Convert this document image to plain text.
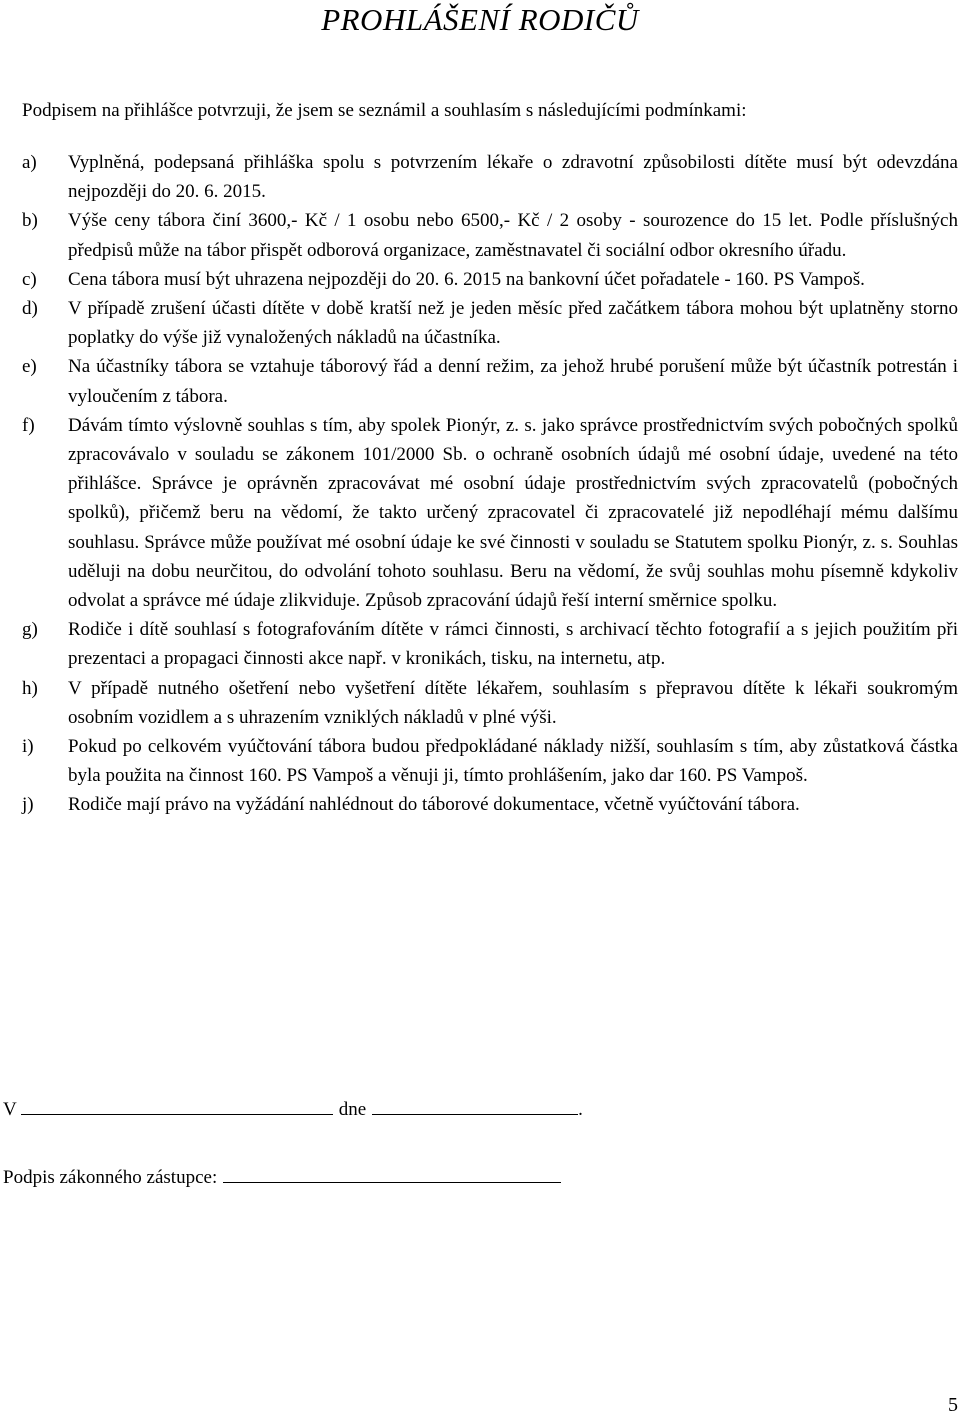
PROHLÁŠENÍ RODIČŮ
Podpisem na přihlášce potvrzuji, že jsem se seznámil a souhlasím s následujícími podmínkami:
a)	Vyplněná, podepsaná přihláška spolu s potvrzením lékaře o zdravotní způsobilosti dítěte musí být odevzdána nejpozději do 20. 6. 2015.
b)	Výše ceny tábora činí 3600,- Kč / 1 osobu nebo 6500,- Kč / 2 osoby - sourozence do 15 let. Podle příslušných předpisů může na tábor přispět odborová organizace, zaměstnavatel či sociální odbor okresního úřadu.
c)	Cena tábora musí být uhrazena nejpozději do 20. 6. 2015 na bankovní účet pořadatele - 160. PS Vampoš.
d)	V případě zrušení účasti dítěte v době kratší než je jeden měsíc před začátkem tábora mohou být uplatněny storno poplatky do výše již vynaložených nákladů na účastníka.
e)	Na účastníky tábora se vztahuje táborový řád a denní režim, za jehož hrubé porušení může být účastník potrestán i vyloučením z tábora.
f)	Dávám tímto výslovně souhlas s tím, aby spolek Pionýr, z. s. jako správce prostřednictvím svých pobočných spolků zpracovávalo v souladu se zákonem 101/2000 Sb. o ochraně osobních údajů mé osobní údaje, uvedené na této přihlášce. Správce je oprávněn zpracovávat mé osobní údaje prostřednictvím svých zpracovatelů (pobočných spolků), přičemž beru na vědomí, že takto určený zpracovatel či zpracovatelé již nepodléhají mému dalšímu souhlasu. Správce může používat mé osobní údaje ke své činnosti v souladu se Statutem spolku Pionýr, z. s. Souhlas uděluji na dobu neurčitou, do odvolání tohoto souhlasu. Beru na vědomí, že svůj souhlas mohu písemně kdykoliv odvolat a správce mé údaje zlikviduje. Způsob zpracování údajů řeší interní směrnice spolku.
g)	Rodiče i dítě souhlasí s fotografováním dítěte v rámci činnosti, s archivací těchto fotografií a s jejich použitím při prezentaci a propagaci činnosti akce např. v kronikách, tisku, na internetu, atp.
h)	V případě nutného ošetření nebo vyšetření dítěte lékařem, souhlasím s přepravou dítěte k lékaři soukromým osobním vozidlem a s uhrazením vzniklých nákladů v plné výši.
i)	Pokud po celkovém vyúčtování tábora budou předpokládané náklady nižší, souhlasím s tím, aby zůstatková částka byla použita na činnost 160. PS Vampoš a věnuji ji, tímto prohlášením, jako dar 160. PS Vampoš.
j)	Rodiče mají právo na vyžádání nahlédnout do táborové dokumentace, včetně vyúčtování tábora.
V	dne	.
Podpis zákonného zástupce:
5
